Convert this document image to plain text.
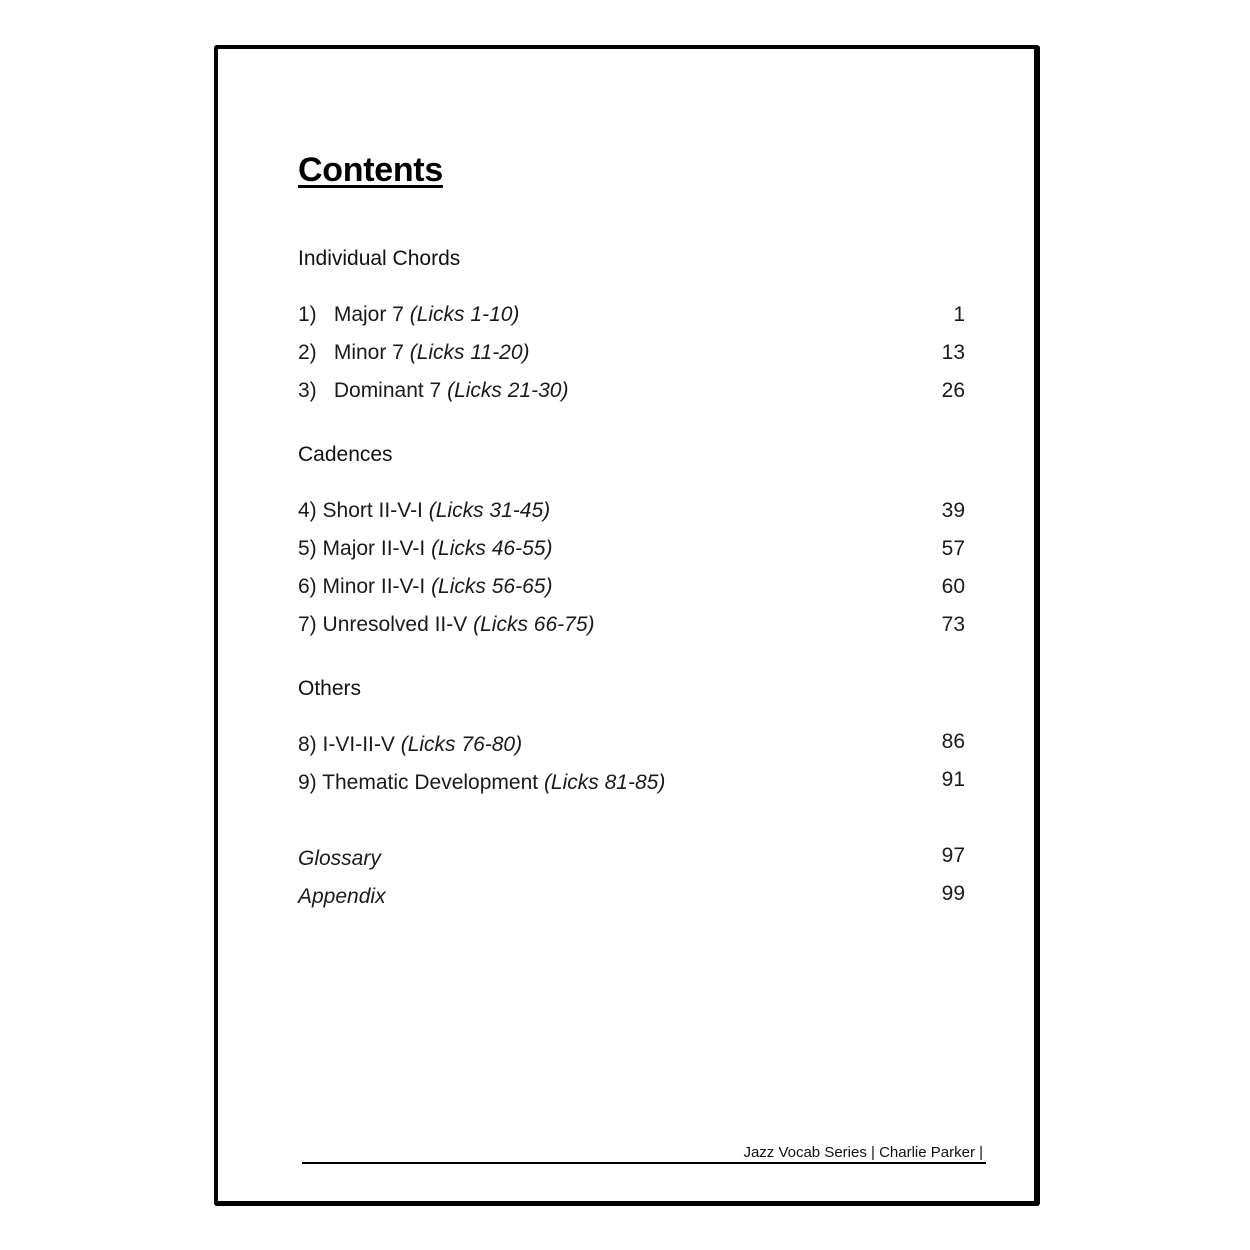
Contents
Individual Chords
1) Major 7 (Licks 1-10)	1
2) Minor 7 (Licks 11-20)	13
3) Dominant 7 (Licks 21-30)	26
Cadences
4) Short II-V-I (Licks 31-45)	39
5) Major II-V-I (Licks 46-55)	57
6) Minor II-V-I (Licks 56-65)	60
7) Unresolved II-V (Licks 66-75)	73
Others
8) I-VI-II-V (Licks 76-80)	86
9) Thematic Development (Licks 81-85)	91
Glossary	97
Appendix	99
Jazz Vocab Series | Charlie Parker |
